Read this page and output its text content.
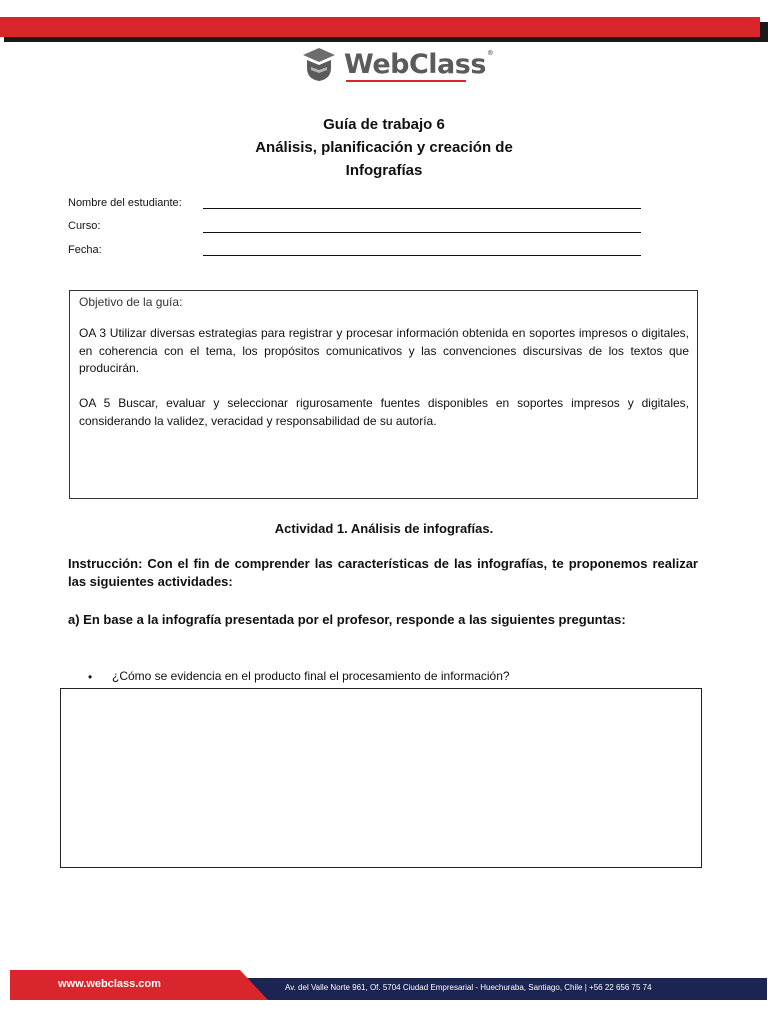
WebClass®
Guía de trabajo 6
Análisis, planificación y creación de
Infografías
Nombre del estudiante:
Curso:
Fecha:
Objetivo de la guía:
OA 3 Utilizar diversas estrategias para registrar y procesar información obtenida en soportes impresos o digitales, en coherencia con el tema, los propósitos comunicativos y las convenciones discursivas de los textos que producirán.
OA 5 Buscar, evaluar y seleccionar rigurosamente fuentes disponibles en soportes impresos y digitales, considerando la validez, veracidad y responsabilidad de su autoría.
Actividad 1. Análisis de infografías.
Instrucción: Con el fin de comprender las características de las infografías, te proponemos realizar las siguientes actividades:
a) En base a la infografía presentada por el profesor, responde a las siguientes preguntas:
• ¿Cómo se evidencia en el producto final el procesamiento de información?
www.webclass.com	Av. del Valle Norte 961, Of. 5704 Ciudad Empresarial - Huechuraba, Santiago, Chile | +56 22 656 75 74
